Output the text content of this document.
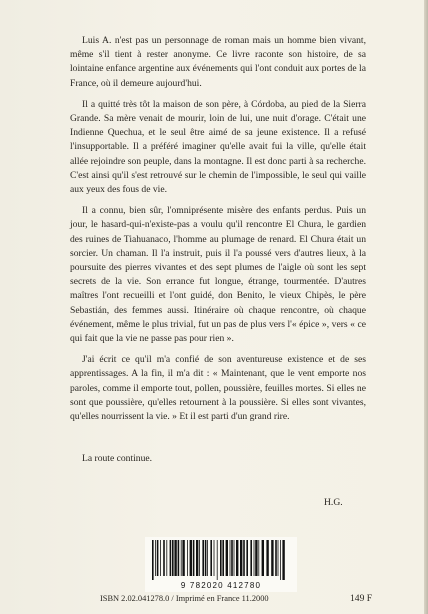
Luis A. n'est pas un personnage de roman mais un homme bien vivant, même s'il tient à rester anonyme. Ce livre raconte son histoire, de sa lointaine enfance argentine aux événements qui l'ont conduit aux portes de la France, où il demeure aujourd'hui.

Il a quitté très tôt la maison de son père, à Córdoba, au pied de la Sierra Grande. Sa mère venait de mourir, loin de lui, une nuit d'orage. C'était une Indienne Quechua, et le seul être aimé de sa jeune existence. Il a refusé l'insupportable. Il a préféré imaginer qu'elle avait fui la ville, qu'elle était allée rejoindre son peuple, dans la montagne. Il est donc parti à sa recherche. C'est ainsi qu'il s'est retrouvé sur le chemin de l'impossible, le seul qui vaille aux yeux des fous de vie.

Il a connu, bien sûr, l'omniprésente misère des enfants perdus. Puis un jour, le hasard-qui-n'existe-pas a voulu qu'il rencontre El Chura, le gardien des ruines de Tiahuanaco, l'homme au plumage de renard. El Chura était un sorcier. Un chaman. Il l'a instruit, puis il l'a poussé vers d'autres lieux, à la poursuite des pierres vivantes et des sept plumes de l'aigle où sont les sept secrets de la vie. Son errance fut longue, étrange, tourmentée. D'autres maîtres l'ont recueilli et l'ont guidé, don Benito, le vieux Chipès, le père Sebastián, des femmes aussi. Itinéraire où chaque rencontre, où chaque événement, même le plus trivial, fut un pas de plus vers l'« épice », vers « ce qui fait que la vie ne passe pas pour rien ».

J'ai écrit ce qu'il m'a confié de son aventureuse existence et de ses apprentissages. A la fin, il m'a dit : « Maintenant, que le vent emporte nos paroles, comme il emporte tout, pollen, poussière, feuilles mortes. Si elles ne sont que poussière, qu'elles retournent à la poussière. Si elles sont vivantes, qu'elles nourrissent la vie. » Et il est parti d'un grand rire.

La route continue.
H.G.
9 782020 412780
ISBN 2.02.041278.0 / Imprimé en France 11.2000	149 F
